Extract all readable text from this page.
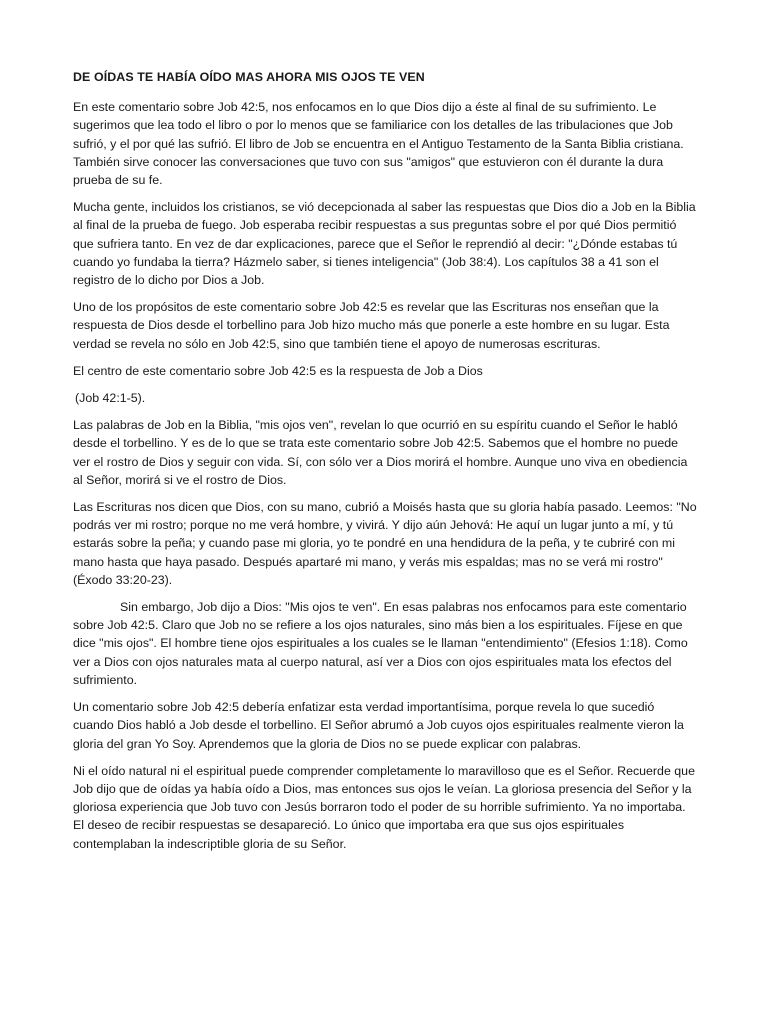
DE OÍDAS TE HABÍA OÍDO MAS AHORA MIS OJOS TE VEN

En este comentario sobre Job 42:5, nos enfocamos en lo que Dios dijo a éste al final de su sufrimiento. Le sugerimos que lea todo el libro o por lo menos que se familiarice con los detalles de las tribulaciones que Job sufrió, y el por qué las sufrió. El libro de Job se encuentra en el Antiguo Testamento de la Santa Biblia cristiana. También sirve conocer las conversaciones que tuvo con sus "amigos" que estuvieron con él durante la dura prueba de su fe.

Mucha gente, incluidos los cristianos, se vió decepcionada al saber las respuestas que Dios dio a Job en la Biblia al final de la prueba de fuego. Job esperaba recibir respuestas a sus preguntas sobre el por qué Dios permitió que sufriera tanto. En vez de dar explicaciones, parece que el Señor le reprendió al decir: "¿Dónde estabas tú cuando yo fundaba la tierra? Házmelo saber, si tienes inteligencia" (Job 38:4). Los capítulos 38 a 41 son el registro de lo dicho por Dios a Job.

Uno de los propósitos de este comentario sobre Job 42:5 es revelar que las Escrituras nos enseñan que la respuesta de Dios desde el torbellino para Job hizo mucho más que ponerle a este hombre en su lugar. Esta verdad se revela no sólo en Job 42:5, sino que también tiene el apoyo de numerosas escrituras.

El centro de este comentario sobre Job 42:5 es la respuesta de Job a Dios

(Job 42:1-5).

Las palabras de Job en la Biblia, "mis ojos ven", revelan lo que ocurrió en su espíritu cuando el Señor le habló desde el torbellino. Y es de lo que se trata este comentario sobre Job 42:5. Sabemos que el hombre no puede ver el rostro de Dios y seguir con vida. Sí, con sólo ver a Dios morirá el hombre. Aunque uno viva en obediencia al Señor, morirá si ve el rostro de Dios.

Las Escrituras nos dicen que Dios, con su mano, cubrió a Moisés hasta que su gloria había pasado. Leemos: "No podrás ver mi rostro; porque no me verá hombre, y vivirá. Y dijo aún Jehová: He aquí un lugar junto a mí, y tú estarás sobre la peña; y cuando pase mi gloria, yo te pondré en una hendidura de la peña, y te cubriré con mi mano hasta que haya pasado. Después apartaré mi mano, y verás mis espaldas; mas no se verá mi rostro" (Éxodo 33:20-23).

Sin embargo, Job dijo a Dios: "Mis ojos te ven". En esas palabras nos enfocamos para este comentario sobre Job 42:5. Claro que Job no se refiere a los ojos naturales, sino más bien a los espirituales. Fíjese en que dice "mis ojos". El hombre tiene ojos espirituales a los cuales se le llaman "entendimiento" (Efesios 1:18). Como ver a Dios con ojos naturales mata al cuerpo natural, así ver a Dios con ojos espirituales mata los efectos del sufrimiento.

Un comentario sobre Job 42:5 debería enfatizar esta verdad importantísima, porque revela lo que sucedió cuando Dios habló a Job desde el torbellino. El Señor abrumó a Job cuyos ojos espirituales realmente vieron la gloria del gran Yo Soy. Aprendemos que la gloria de Dios no se puede explicar con palabras.

Ni el oído natural ni el espiritual puede comprender completamente lo maravilloso que es el Señor. Recuerde que Job dijo que de oídas ya había oído a Dios, mas entonces sus ojos le veían. La gloriosa presencia del Señor y la gloriosa experiencia que Job tuvo con Jesús borraron todo el poder de su horrible sufrimiento. Ya no importaba. El deseo de recibir respuestas se desapareció. Lo único que importaba era que sus ojos espirituales contemplaban la indescriptible gloria de su Señor.
